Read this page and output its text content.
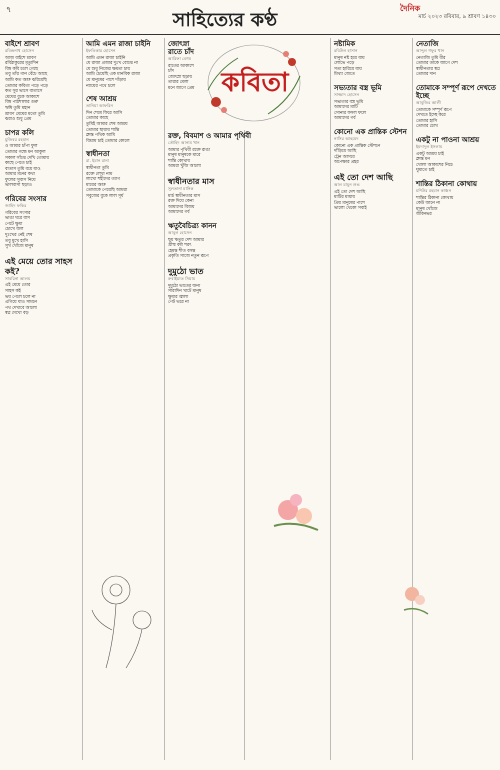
৭	সাহিত্যের কণ্ঠ
দৈনিক
মার্চ ২০২৩ রবিবার, ৯ শ্রাবণ ১৪৩০
কবিতা
বাইশে শ্রাবণ
রবিন্দ্রনাথ হোসেন

আজ বাইশে শ্রাবণ

রবিঠাকুরের মৃত্যুদিন

বিশ্ব কবি চলে গেছে

তবু তাঁর গান বেঁচে আছে

আমি কত অশ্রু ঝরিয়েছি

তোমার কবিতা পড়ে পড়ে

কত সুর ভাসে বাতাসে

মেঘের বুকে আকাশে

বিশ্ব পাঠশালার গুরু

ঋষি তুমি মহান

শ্রাবণ মেঘের মতো তুমি

ঝরাও শুধু প্রেম

চাপর কলি
মুজিবর রহমান

ও আমার চাঁপা ফুল

তোমার গন্ধে মন আকুল

সকাল সাঁঝে দেখি তোমায়

কাছে পেতে চাই

বাতাস তুমি বয়ে যাও

আমার মনের কথা

ফুলের সুবাস নিয়ে

ভালবাসা ছড়াও

গরিবের সংসার
জাহিদ ফকির

গরিবের সংসার

ভাঙা ঘরে বাস

পেটে ক্ষুধা

চোখে জল

দুঃখের নেই শেষ

তবু মুখে হাসি

সুখ খোঁজে মানুষ

এই মেয়ে তোর সাহস কই?
সাবরিনা আলম

এই মেয়ে তোর

সাহস কই

ভয় পেলে চলে না

এগিয়ে যাও সামনে

পথ দেখাবে আলো

স্বপ্ন দেখো বড়

আমি এমন রাজা চাইনি
ইফতিকার হোসেন

আমি এমন রাজা চাইনি

যে রাজা প্রজার দুঃখ বোঝে না

যে শুধু নিজের ক্ষমতা চায়

আমি চেয়েছি এক মানবিক রাজা

যে মানুষের পাশে দাঁড়ায়

ন্যায়ের পথে চলে

শেষ আশ্রয়
তানিয়া আফরিন

দিন শেষে ফিরে আসি

তোমার কাছে

তুমিই আমার শেষ আশ্রয়

তোমার ছায়ায় শান্তি

ক্লান্ত পথিক আমি

বিশ্রাম চাই তোমার কোলে

স্বাধীনতা
রা. ইমান রানা

স্বাধীনতা তুমি

রক্তে লেখা নাম

লাখো শহীদের ত্যাগ

মায়ের অশ্রু

তোমাকে পেয়েছি আমরা

সবুজের বুকে লাল সূর্য

জোৎস্না রাতে চাঁদ
আরিফা বেগম

রাতের আকাশে চাঁদ

জোৎস্না ছড়ায়

তারার মেলা

মনে জাগে প্রেম

রক্ত, বিবমাশ ও আমার পৃথিবী
তৌহিদ আনাম খান

আমার পৃথিবী রক্তে রাঙা

মানুষ মানুষকে মারে

শান্তি কোথায়

আমরা খুঁজি আলো

স্বাধীনতার মাস
সুলতানা মানিক

মার্চ স্বাধীনতার মাস

রক্ত দিয়ে কেনা

আমাদের বিজয়

আমাদের গর্ব

ঋতুবৈচিত্র্য কানন
আবুল হোসেন

ছয় ঋতুর দেশ আমার

গ্রীষ্ম বর্ষা শরৎ

হেমন্ত শীত বসন্ত

প্রকৃতি সাজে নতুন রূপে

দুমুঠো ভাত
রুবাইয়াত সিয়াম

দুমুঠো ভাতের জন্য

সারাদিন খাটে মানুষ

ক্ষুধার জ্বালা

পেট ভরে না

নষ্টামিক
রবিউল হাসান

মানুষ নষ্ট হয়ে যায়

লোভে পড়ে

সত্য হারিয়ে যায়

মিথ্যা জেতে

সভ্যতার বস্ত্র ভূমি
সাজ্জাদ হোসেন

সভ্যতার বস্ত্র ভূমি

আমাদের মাটি

সোনার ফসল ফলে

আমাদের গর্ব

কোনো এক প্রান্তিক স্টেশন
নাসির আহমেদ

কোনো এক প্রান্তিক স্টেশনে

দাঁড়িয়ে আছি

ট্রেন আসবে

অপেক্ষার প্রহর

এই তো দেশ আছি
আল মামুন শুভ

এই তো দেশ আছি

মাটির মায়ায়

প্রিয় মানুষের পাশে

ভালো থেকো সবাই

নেতাজি
আব্দুল গফুর খান

নেতাজি তুমি বীর

তোমার ডাকে জাগে দেশ

স্বাধীনতার স্বপ্ন

তোমার দান

তোমাকে সম্পূর্ণ রূপে দেখতে ইচ্ছে
আবুজির আলী

তোমাকে সম্পূর্ণ রূপে

দেখতে ইচ্ছে করে

তোমার হাসি

তোমার চোখ

একটু না পাওনা আশ্রয়
ইমদাদুল ইসলাম

একটু আশ্রয় চাই

ক্লান্ত মন

খোলা আকাশের নিচে

ঘুমাতে চাই

শান্তির ঠিকানা কোথায়
মশিউর রহমান কাঞ্চন

শান্তির ঠিকানা কোথায়

কেউ জানে না

মানুষ খোঁজে

জীবনভর
